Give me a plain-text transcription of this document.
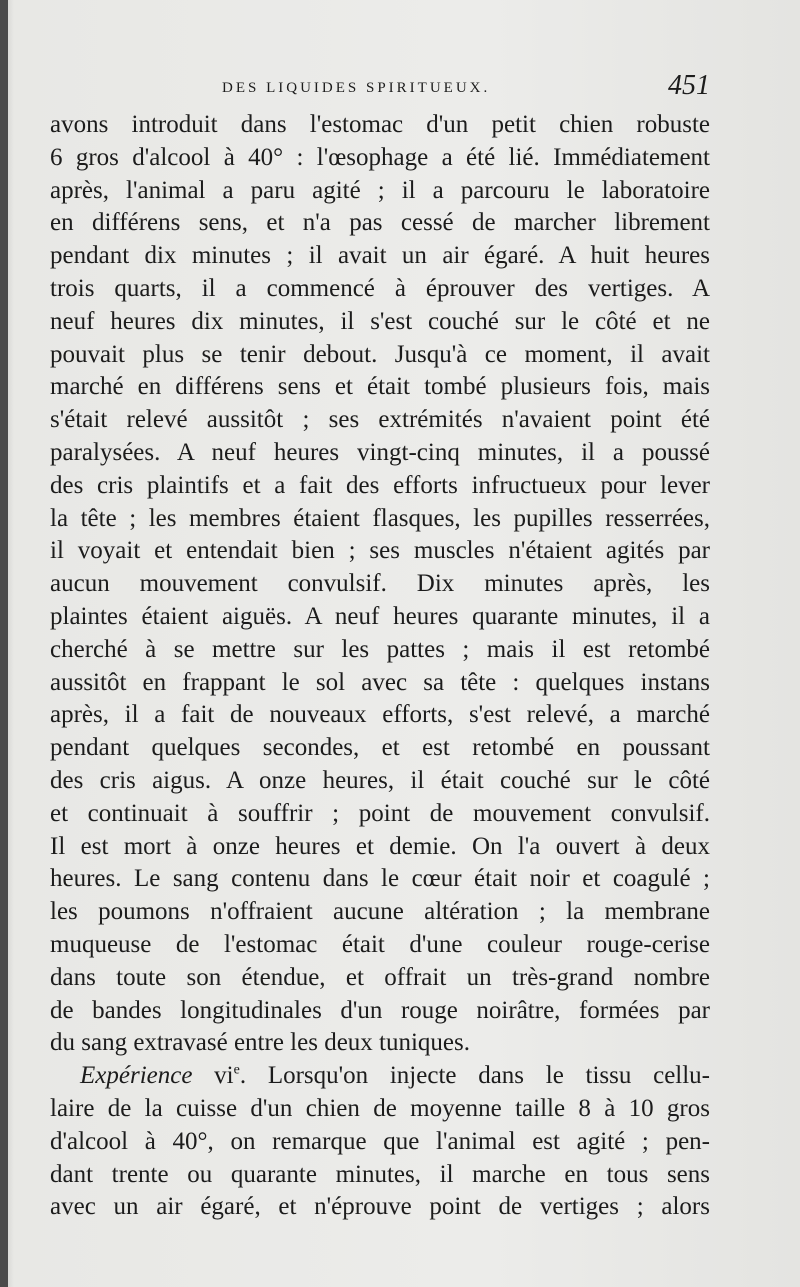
DES LIQUIDES SPIRITUEUX.	451
avons introduit dans l'estomac d'un petit chien robuste
6 gros d'alcool à 40° : l'œsophage a été lié. Immédiatement
après, l'animal a paru agité ; il a parcouru le laboratoire
en différens sens, et n'a pas cessé de marcher librement
pendant dix minutes ; il avait un air égaré. A huit heures
trois quarts, il a commencé à éprouver des vertiges. A
neuf heures dix minutes, il s'est couché sur le côté et ne
pouvait plus se tenir debout. Jusqu'à ce moment, il avait
marché en différens sens et était tombé plusieurs fois, mais
s'était relevé aussitôt ; ses extrémités n'avaient point été
paralysées. A neuf heures vingt-cinq minutes, il a poussé
des cris plaintifs et a fait des efforts infructueux pour lever
la tête ; les membres étaient flasques, les pupilles resserrées,
il voyait et entendait bien ; ses muscles n'étaient agités par
aucun mouvement convulsif. Dix minutes après, les
plaintes étaient aiguës. A neuf heures quarante minutes, il a
cherché à se mettre sur les pattes ; mais il est retombé
aussitôt en frappant le sol avec sa tête : quelques instans
après, il a fait de nouveaux efforts, s'est relevé, a marché
pendant quelques secondes, et est retombé en poussant
des cris aigus. A onze heures, il était couché sur le côté
et continuait à souffrir ; point de mouvement convulsif.
Il est mort à onze heures et demie. On l'a ouvert à deux
heures. Le sang contenu dans le cœur était noir et coagulé ;
les poumons n'offraient aucune altération ; la membrane
muqueuse de l'estomac était d'une couleur rouge-cerise
dans toute son étendue, et offrait un très-grand nombre
de bandes longitudinales d'un rouge noirâtre, formées par
du sang extravasé entre les deux tuniques.
Expérience $vi^e$. Lorsqu'on injecte dans le tissu cellu-
laire de la cuisse d'un chien de moyenne taille 8 à 10 gros
d'alcool à 40°, on remarque que l'animal est agité ; pen-
dant trente ou quarante minutes, il marche en tous sens
avec un air égaré, et n'éprouve point de vertiges ; alors
